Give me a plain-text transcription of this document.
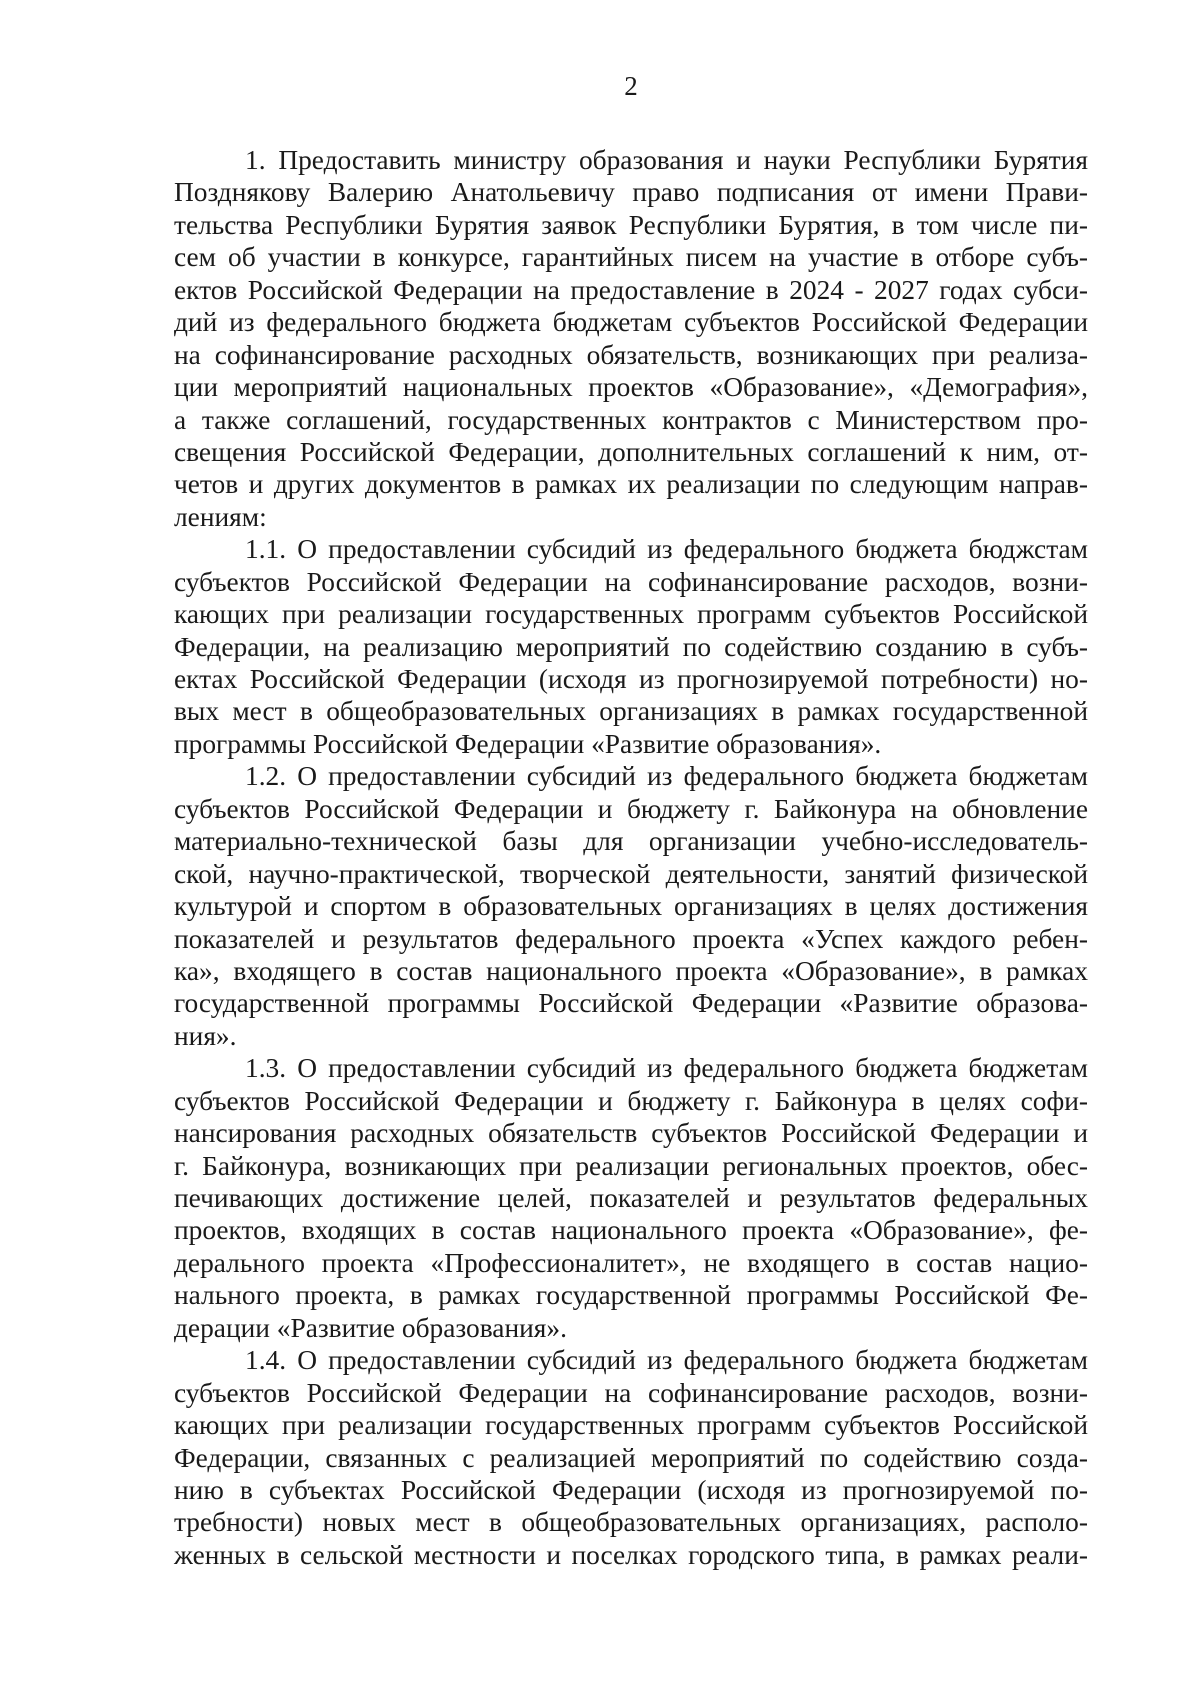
2
1. Предоставить министру образования и науки Республики Бурятия
Позднякову Валерию Анатольевичу право подписания от имени Прави-
тельства Республики Бурятия заявок Республики Бурятия, в том числе пи-
сем об участии в конкурсе, гарантийных писем на участие в отборе субъ-
ектов Российской Федерации на предоставление в 2024 - 2027 годах субси-
дий из федерального бюджета бюджетам субъектов Российской Федерации
на софинансирование расходных обязательств, возникающих при реализа-
ции мероприятий национальных проектов «Образование», «Демография»,
а также соглашений, государственных контрактов с Министерством про-
свещения Российской Федерации, дополнительных соглашений к ним, от-
четов и других документов в рамках их реализации по следующим направ-
лениям:
1.1. О предоставлении субсидий из федерального бюджета бюджстам
субъектов Российской Федерации на софинансирование расходов, возни-
кающих при реализации государственных программ субъектов Российской
Федерации, на реализацию мероприятий по содействию созданию в субъ-
ектах Российской Федерации (исходя из прогнозируемой потребности) но-
вых мест в общеобразовательных организациях в рамках государственной
программы Российской Федерации «Развитие образования».
1.2. О предоставлении субсидий из федерального бюджета бюджетам
субъектов Российской Федерации и бюджету г. Байконура на обновление
материально-технической базы для организации учебно-исследователь-
ской, научно-практической, творческой деятельности, занятий физической
культурой и спортом в образовательных организациях в целях достижения
показателей и результатов федерального проекта «Успех каждого ребен-
ка», входящего в состав национального проекта «Образование», в рамках
государственной программы Российской Федерации «Развитие образова-
ния».
1.3. О предоставлении субсидий из федерального бюджета бюджетам
субъектов Российской Федерации и бюджету г. Байконура в целях софи-
нансирования расходных обязательств субъектов Российской Федерации и
г. Байконура, возникающих при реализации региональных проектов, обес-
печивающих достижение целей, показателей и результатов федеральных
проектов, входящих в состав национального проекта «Образование», фе-
дерального проекта «Профессионалитет», не входящего в состав нацио-
нального проекта, в рамках государственной программы Российской Фе-
дерации «Развитие образования».
1.4. О предоставлении субсидий из федерального бюджета бюджетам
субъектов Российской Федерации на софинансирование расходов, возни-
кающих при реализации государственных программ субъектов Российской
Федерации, связанных с реализацией мероприятий по содействию созда-
нию в субъектах Российской Федерации (исходя из прогнозируемой по-
требности) новых мест в общеобразовательных организациях, располо-
женных в сельской местности и поселках городского типа, в рамках реали-
